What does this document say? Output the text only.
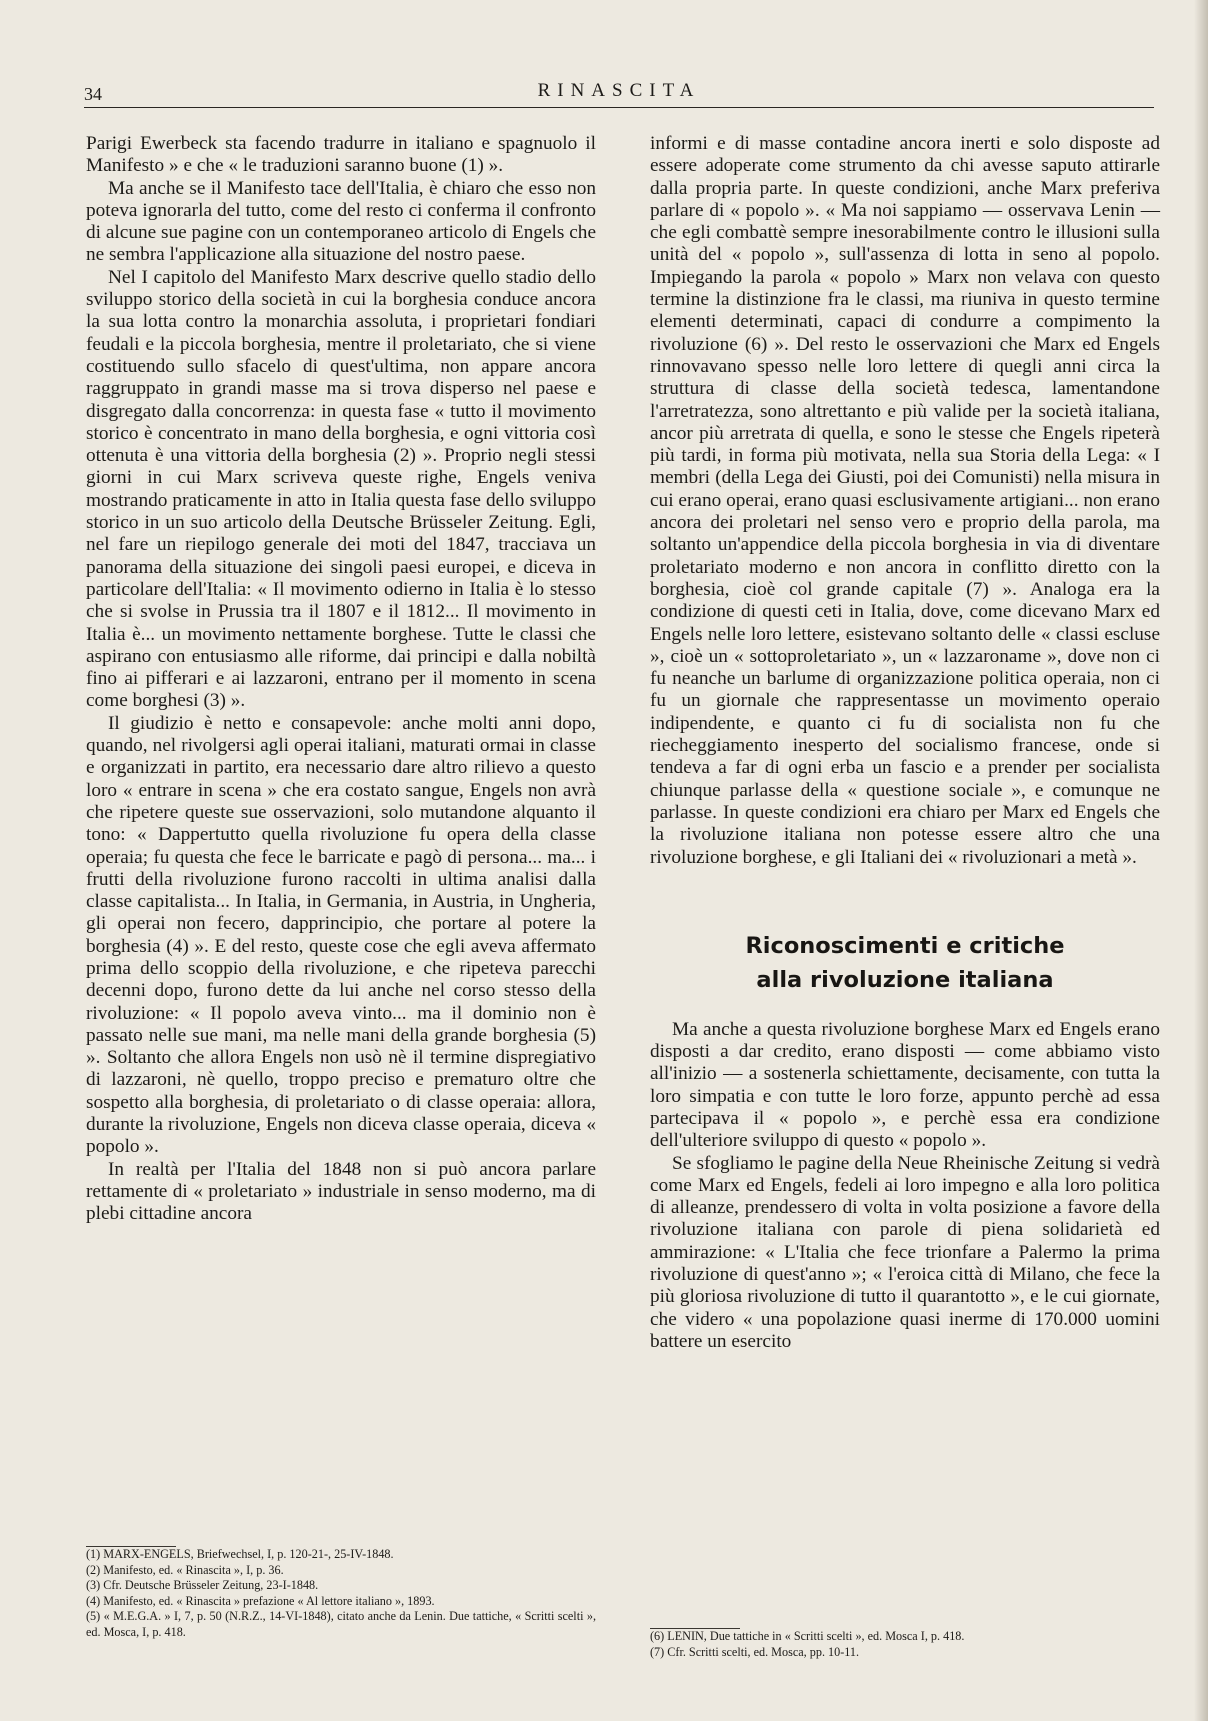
34	RINASCITA

Parigi Ewerbeck sta facendo tradurre in italiano e spagnuolo il Manifesto » e che « le traduzioni saranno buone (1) ».

Ma anche se il Manifesto tace dell'Italia, è chiaro che esso non poteva ignorarla del tutto, come del resto ci conferma il confronto di alcune sue pagine con un contemporaneo articolo di Engels che ne sembra l'applicazione alla situazione del nostro paese.

Nel I capitolo del Manifesto Marx descrive quello stadio dello sviluppo storico della società in cui la borghesia conduce ancora la sua lotta contro la monarchia assoluta, i proprietari fondiari feudali e la piccola borghesia, mentre il proletariato, che si viene costituendo sullo sfacelo di quest'ultima, non appare ancora raggruppato in grandi masse ma si trova disperso nel paese e disgregato dalla concorrenza: in questa fase « tutto il movimento storico è concentrato in mano della borghesia, e ogni vittoria così ottenuta è una vittoria della borghesia (2) ». Proprio negli stessi giorni in cui Marx scriveva queste righe, Engels veniva mostrando praticamente in atto in Italia questa fase dello sviluppo storico in un suo articolo della Deutsche Brüsseler Zeitung. Egli, nel fare un riepilogo generale dei moti del 1847, tracciava un panorama della situazione dei singoli paesi europei, e diceva in particolare dell'Italia: « Il movimento odierno in Italia è lo stesso che si svolse in Prussia tra il 1807 e il 1812... Il movimento in Italia è... un movimento nettamente borghese. Tutte le classi che aspirano con entusiasmo alle riforme, dai principi e dalla nobiltà fino ai pifferari e ai lazzaroni, entrano per il momento in scena come borghesi (3) ».

Il giudizio è netto e consapevole: anche molti anni dopo, quando, nel rivolgersi agli operai italiani, maturati ormai in classe e organizzati in partito, era necessario dare altro rilievo a questo loro « entrare in scena » che era costato sangue, Engels non avrà che ripetere queste sue osservazioni, solo mutandone alquanto il tono: « Dappertutto quella rivoluzione fu opera della classe operaia; fu questa che fece le barricate e pagò di persona... ma... i frutti della rivoluzione furono raccolti in ultima analisi dalla classe capitalista... In Italia, in Germania, in Austria, in Ungheria, gli operai non fecero, dapprincipio, che portare al potere la borghesia (4) ». E del resto, queste cose che egli aveva affermato prima dello scoppio della rivoluzione, e che ripeteva parecchi decenni dopo, furono dette da lui anche nel corso stesso della rivoluzione: « Il popolo aveva vinto... ma il dominio non è passato nelle sue mani, ma nelle mani della grande borghesia (5) ». Soltanto che allora Engels non usò nè il termine dispregiativo di lazzaroni, nè quello, troppo preciso e prematuro oltre che sospetto alla borghesia, di proletariato o di classe operaia: allora, durante la rivoluzione, Engels non diceva classe operaia, diceva « popolo ».

In realtà per l'Italia del 1848 non si può ancora parlare rettamente di « proletariato » industriale in senso moderno, ma di plebi cittadine ancora

informi e di masse contadine ancora inerti e solo disposte ad essere adoperate come strumento da chi avesse saputo attirarle dalla propria parte. In queste condizioni, anche Marx preferiva parlare di « popolo ». « Ma noi sappiamo — osservava Lenin — che egli combattè sempre inesorabilmente contro le illusioni sulla unità del « popolo », sull'assenza di lotta in seno al popolo. Impiegando la parola « popolo » Marx non velava con questo termine la distinzione fra le classi, ma riuniva in questo termine elementi determinati, capaci di condurre a compimento la rivoluzione (6) ». Del resto le osservazioni che Marx ed Engels rinnovavano spesso nelle loro lettere di quegli anni circa la struttura di classe della società tedesca, lamentandone l'arretratezza, sono altrettanto e più valide per la società italiana, ancor più arretrata di quella, e sono le stesse che Engels ripeterà più tardi, in forma più motivata, nella sua Storia della Lega: « I membri (della Lega dei Giusti, poi dei Comunisti) nella misura in cui erano operai, erano quasi esclusivamente artigiani... non erano ancora dei proletari nel senso vero e proprio della parola, ma soltanto un'appendice della piccola borghesia in via di diventare proletariato moderno e non ancora in conflitto diretto con la borghesia, cioè col grande capitale (7) ». Analoga era la condizione di questi ceti in Italia, dove, come dicevano Marx ed Engels nelle loro lettere, esistevano soltanto delle « classi escluse », cioè un « sottoproletariato », un « lazzaroname », dove non ci fu neanche un barlume di organizzazione politica operaia, non ci fu un giornale che rappresentasse un movimento operaio indipendente, e quanto ci fu di socialista non fu che riecheggiamento inesperto del socialismo francese, onde si tendeva a far di ogni erba un fascio e a prender per socialista chiunque parlasse della « questione sociale », e comunque ne parlasse. In queste condizioni era chiaro per Marx ed Engels che la rivoluzione italiana non potesse essere altro che una rivoluzione borghese, e gli Italiani dei « rivoluzionari a metà ».

Riconoscimenti e critiche

alla rivoluzione italiana

Ma anche a questa rivoluzione borghese Marx ed Engels erano disposti a dar credito, erano disposti — come abbiamo visto all'inizio — a sostenerla schiettamente, decisamente, con tutta la loro simpatia e con tutte le loro forze, appunto perchè ad essa partecipava il « popolo », e perchè essa era condizione dell'ulteriore sviluppo di questo « popolo ».

Se sfogliamo le pagine della Neue Rheinische Zeitung si vedrà come Marx ed Engels, fedeli ai loro impegno e alla loro politica di alleanze, prendessero di volta in volta posizione a favore della rivoluzione italiana con parole di piena solidarietà ed ammirazione: « L'Italia che fece trionfare a Palermo la prima rivoluzione di quest'anno »; « l'eroica città di Milano, che fece la più gloriosa rivoluzione di tutto il quarantotto », e le cui giornate, che videro « una popolazione quasi inerme di 170.000 uomini battere un esercito

(1) MARX-ENGELS, Briefwechsel, I, p. 120-21-, 25-IV-1848.

(2) Manifesto, ed. « Rinascita », I, p. 36.

(3) Cfr. Deutsche Brüsseler Zeitung, 23-I-1848.

(4) Manifesto, ed. « Rinascita » prefazione « Al lettore italiano », 1893.

(5) « M.E.G.A. » I, 7, p. 50 (N.R.Z., 14-VI-1848), citato anche da Lenin. Due tattiche, « Scritti scelti », ed. Mosca, I, p. 418.	(6) LENIN, Due tattiche in « Scritti scelti », ed. Mosca I, p. 418.

(7) Cfr. Scritti scelti, ed. Mosca, pp. 10-11.
